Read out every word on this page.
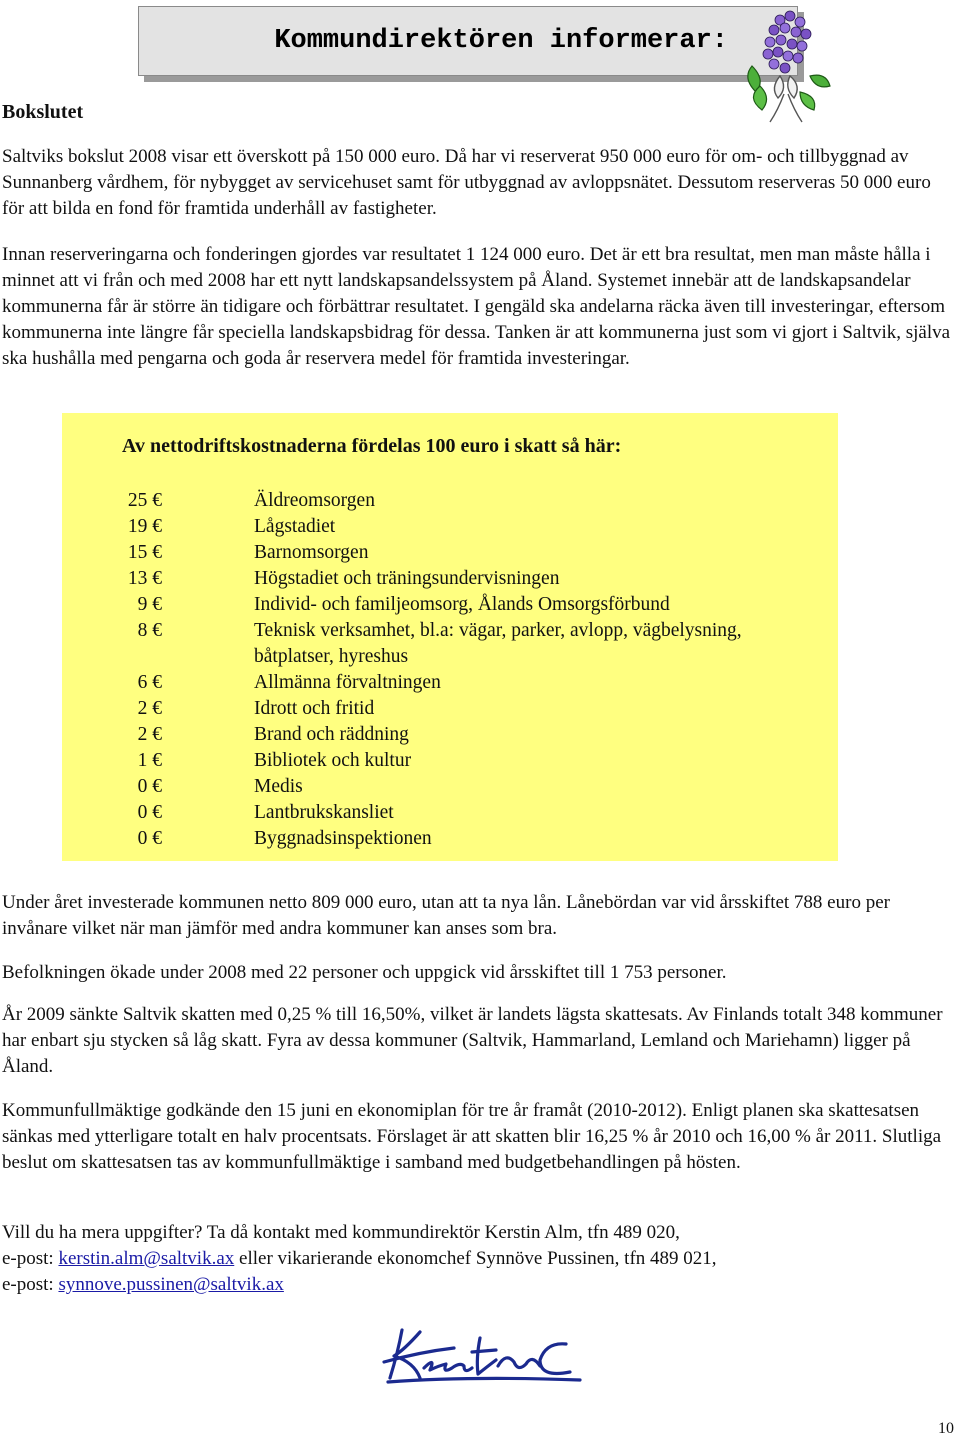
Kommundirektören informerar:
Bokslutet

Saltviks bokslut 2008 visar ett överskott på 150 000 euro. Då har vi reserverat 950 000 euro för om- och tillbyggnad av Sunnanberg vårdhem, för nybygget av servicehuset samt för utbyggnad av avloppsnätet. Dessutom reserveras 50 000 euro för att bilda en fond för framtida underhåll av fastigheter.

Innan reserveringarna och fonderingen gjordes var resultatet 1 124 000 euro. Det är ett bra resultat, men man måste hålla i minnet att vi från och med 2008 har ett nytt landskapsandelssystem på Åland. Systemet innebär att de landskapsandelar kommunerna får är större än tidigare och förbättrar resultatet. I gengäld ska andelarna räcka även till investeringar, eftersom kommunerna inte längre får speciella landskapsbidrag för dessa. Tanken är att kommunerna just som vi gjort i Saltvik, själva ska hushålla med pengarna och goda år reservera medel för framtida investeringar.

Av nettodriftskostnaderna fördelas 100 euro i skatt så här:
25 €	Äldreomsorgen
19 €	Lågstadiet
15 €	Barnomsorgen
13 €	Högstadiet och träningsundervisningen
9 €	Individ- och familjeomsorg, Ålands Omsorgsförbund
8 €	Teknisk verksamhet, bl.a: vägar, parker, avlopp, vägbelysning, båtplatser, hyreshus
6 €	Allmänna förvaltningen
2 €	Idrott och fritid
2 €	Brand och räddning
1 €	Bibliotek och kultur
0 €	Medis
0 €	Lantbrukskansliet
0 €	Byggnadsinspektionen

Under året investerade kommunen netto 809 000 euro, utan att ta nya lån. Lånebördan var vid årsskiftet 788 euro per invånare vilket när man jämför med andra kommuner kan anses som bra.

Befolkningen ökade under 2008 med 22 personer och uppgick vid årsskiftet till 1 753 personer.

År 2009 sänkte Saltvik skatten med 0,25 % till 16,50%, vilket är landets lägsta skattesats. Av Finlands totalt 348 kommuner har enbart sju stycken så låg skatt. Fyra av dessa kommuner (Saltvik, Hammarland, Lemland och Mariehamn) ligger på Åland.

Kommunfullmäktige godkände den 15 juni en ekonomiplan för tre år framåt (2010-2012). Enligt planen ska skattesatsen sänkas med ytterligare totalt en halv procentsats. Förslaget är att skatten blir 16,25 % år 2010 och 16,00 % år 2011. Slutliga beslut om skattesatsen tas av kommunfullmäktige i samband med budgetbehandlingen på hösten.

Vill du ha mera uppgifter? Ta då kontakt med kommundirektör Kerstin Alm, tfn 489 020,
e-post: kerstin.alm@saltvik.ax eller vikarierande ekonomchef Synnöve Pussinen, tfn 489 021,
e-post: synnove.pussinen@saltvik.ax

10
